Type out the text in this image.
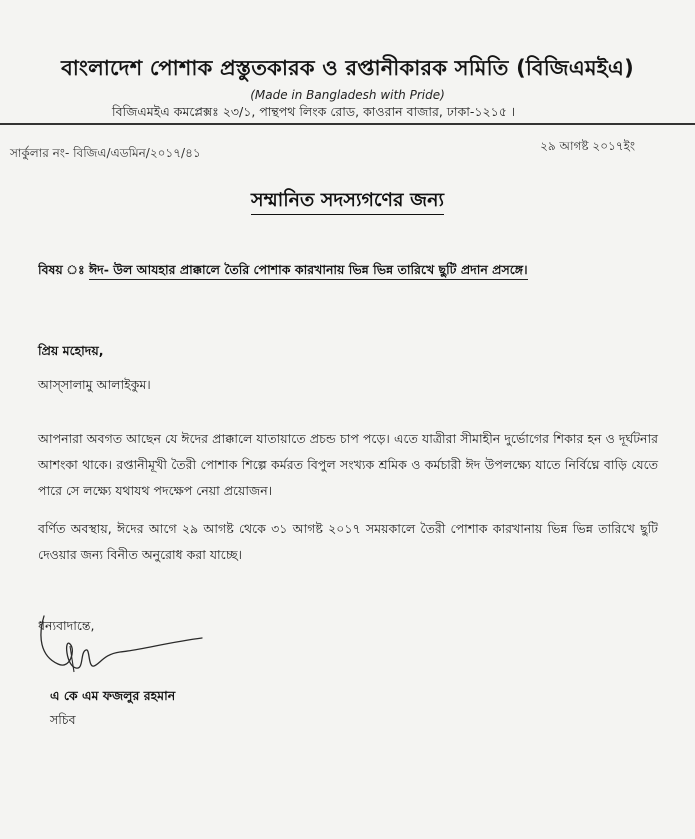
বাংলাদেশ পোশাক প্রস্তুতকারক ও রপ্তানীকারক সমিতি (বিজিএমইএ)
(Made in Bangladesh with Pride)
বিজিএমইএ কমপ্লেক্সঃ ২৩/১, পান্থপথ লিংক রোড, কাওরান বাজার, ঢাকা-১২১৫ ।
সার্কুলার নং- বিজিএ/এডমিন/২০১৭/৪১	২৯ আগষ্ট ২০১৭ইং
সম্মানিত সদস্যগণের জন্য
বিষয় ঃ ঈদ- উল আযহার প্রাক্কালে তৈরি পোশাক কারখানায় ভিন্ন ভিন্ন তারিখে ছুটি প্রদান প্রসঙ্গে।
প্রিয় মহোদয়,
আস্‌সালামু আলাইকুম।
আপনারা অবগত আছেন যে ঈদের প্রাক্কালে যাতায়াতে প্রচন্ড চাপ পড়ে। এতে যাত্রীরা সীমাহীন দুর্ভোগের শিকার হন ও দূর্ঘটনার আশংকা থাকে। রপ্তানীমূখী তৈরী পোশাক শিল্পে কর্মরত বিপুল সংখ্যক শ্রমিক ও কর্মচারী ঈদ উপলক্ষ্যে যাতে নির্বিঘ্নে বাড়ি যেতে পারে সে লক্ষ্যে যথাযথ পদক্ষেপ নেয়া প্রয়োজন।
বর্ণিত অবস্থায়, ঈদের আগে ২৯ আগষ্ট থেকে ৩১ আগষ্ট ২০১৭ সময়কালে তৈরী পোশাক কারখানায় ভিন্ন ভিন্ন তারিখে ছুটি দেওয়ার জন্য বিনীত অনুরোধ করা যাচ্ছে।
ধন্যবাদান্তে,
এ কে এম ফজলুর রহমান
সচিব
